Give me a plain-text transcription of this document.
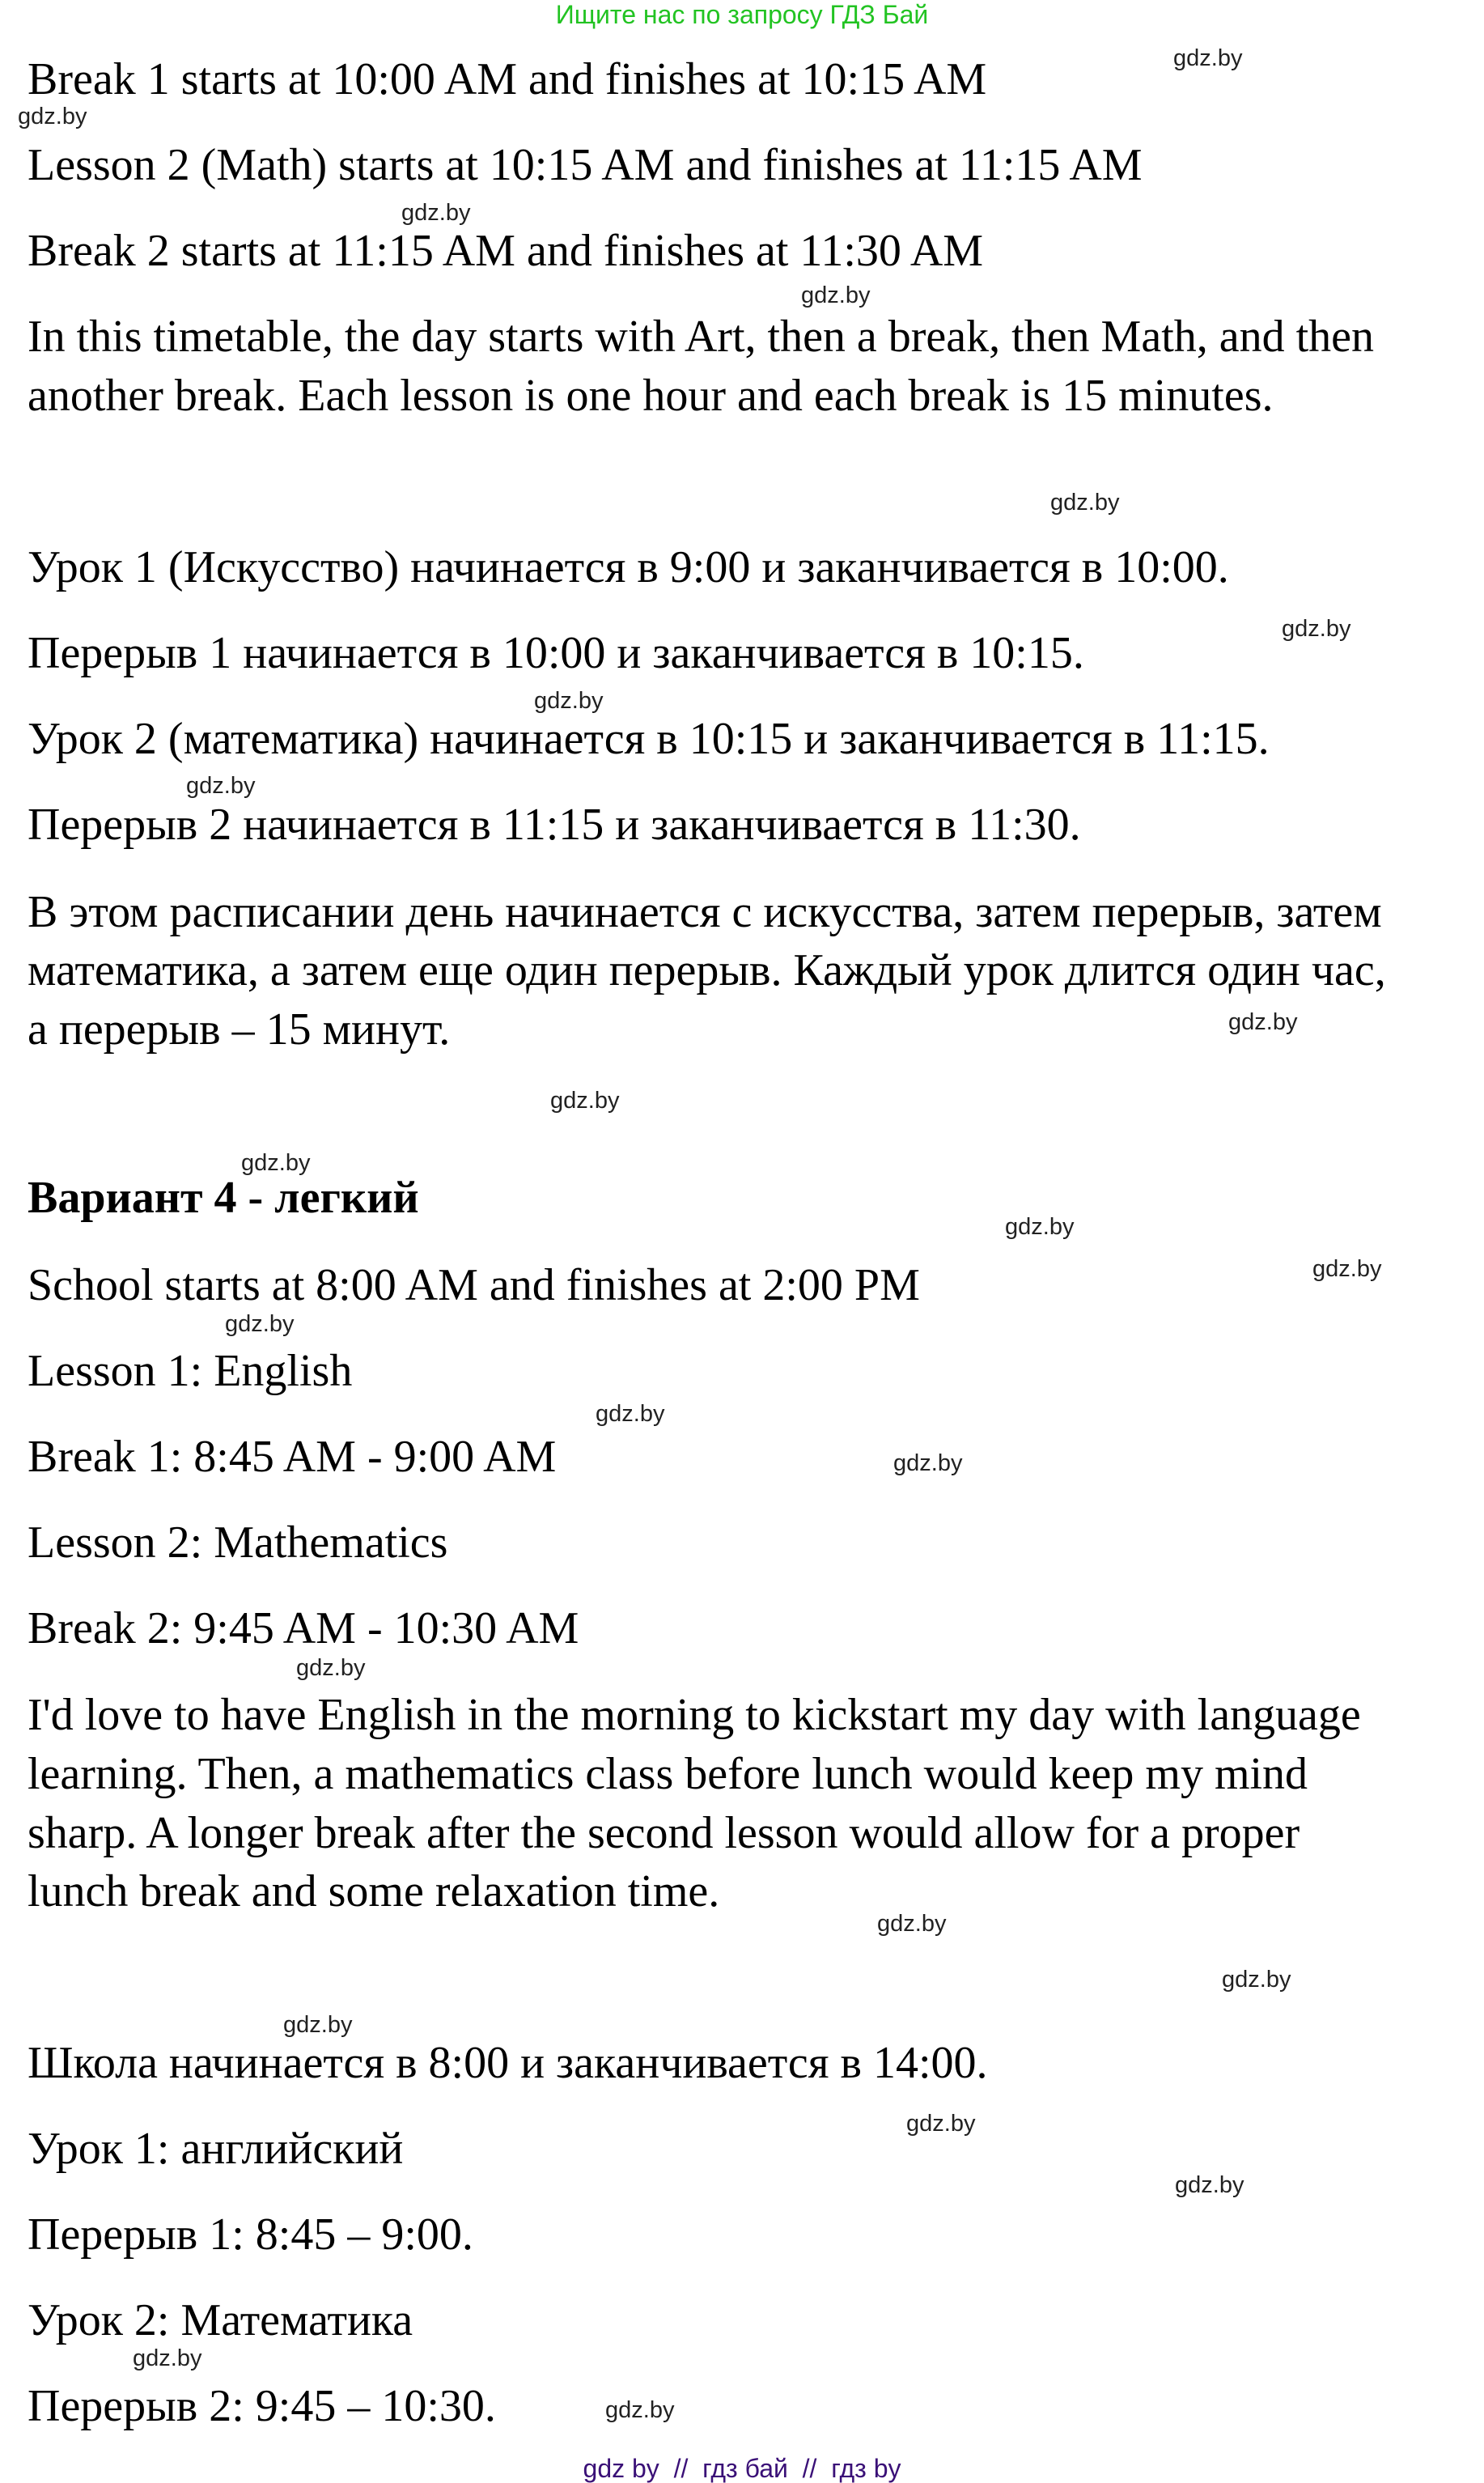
Ищите нас по запросу ГДЗ Бай
Break 1 starts at 10:00 AM and finishes at 10:15 AM
Lesson 2 (Math) starts at 10:15 AM and finishes at 11:15 AM
Break 2 starts at 11:15 AM and finishes at 11:30 AM
In this timetable, the day starts with Art, then a break, then Math, and then
another break. Each lesson is one hour and each break is 15 minutes.
Урок 1 (Искусство) начинается в 9:00 и заканчивается в 10:00.
Перерыв 1 начинается в 10:00 и заканчивается в 10:15.
Урок 2 (математика) начинается в 10:15 и заканчивается в 11:15.
Перерыв 2 начинается в 11:15 и заканчивается в 11:30.
В этом расписании день начинается с искусства, затем перерыв, затем
математика, а затем еще один перерыв. Каждый урок длится один час,
а перерыв – 15 минут.
Вариант 4 - легкий
School starts at 8:00 AM and finishes at 2:00 PM
Lesson 1: English
Break 1: 8:45 AM - 9:00 AM
Lesson 2: Mathematics
Break 2: 9:45 AM - 10:30 AM
I'd love to have English in the morning to kickstart my day with language
learning. Then, a mathematics class before lunch would keep my mind
sharp. A longer break after the second lesson would allow for a proper
lunch break and some relaxation time.
Школа начинается в 8:00 и заканчивается в 14:00.
Урок 1: английский
Перерыв 1: 8:45 – 9:00.
Урок 2: Математика
Перерыв 2: 9:45 – 10:30.
gdz.by
gdz.by
gdz.by
gdz.by
gdz.by
gdz.by
gdz.by
gdz.by
gdz.by
gdz.by
gdz.by
gdz.by
gdz.by
gdz.by
gdz.by
gdz.by
gdz.by
gdz.by
gdz.by
gdz.by
gdz.by
gdz.by
gdz.by
gdz.by
gdz by  //  гдз бай  //  гдз by
